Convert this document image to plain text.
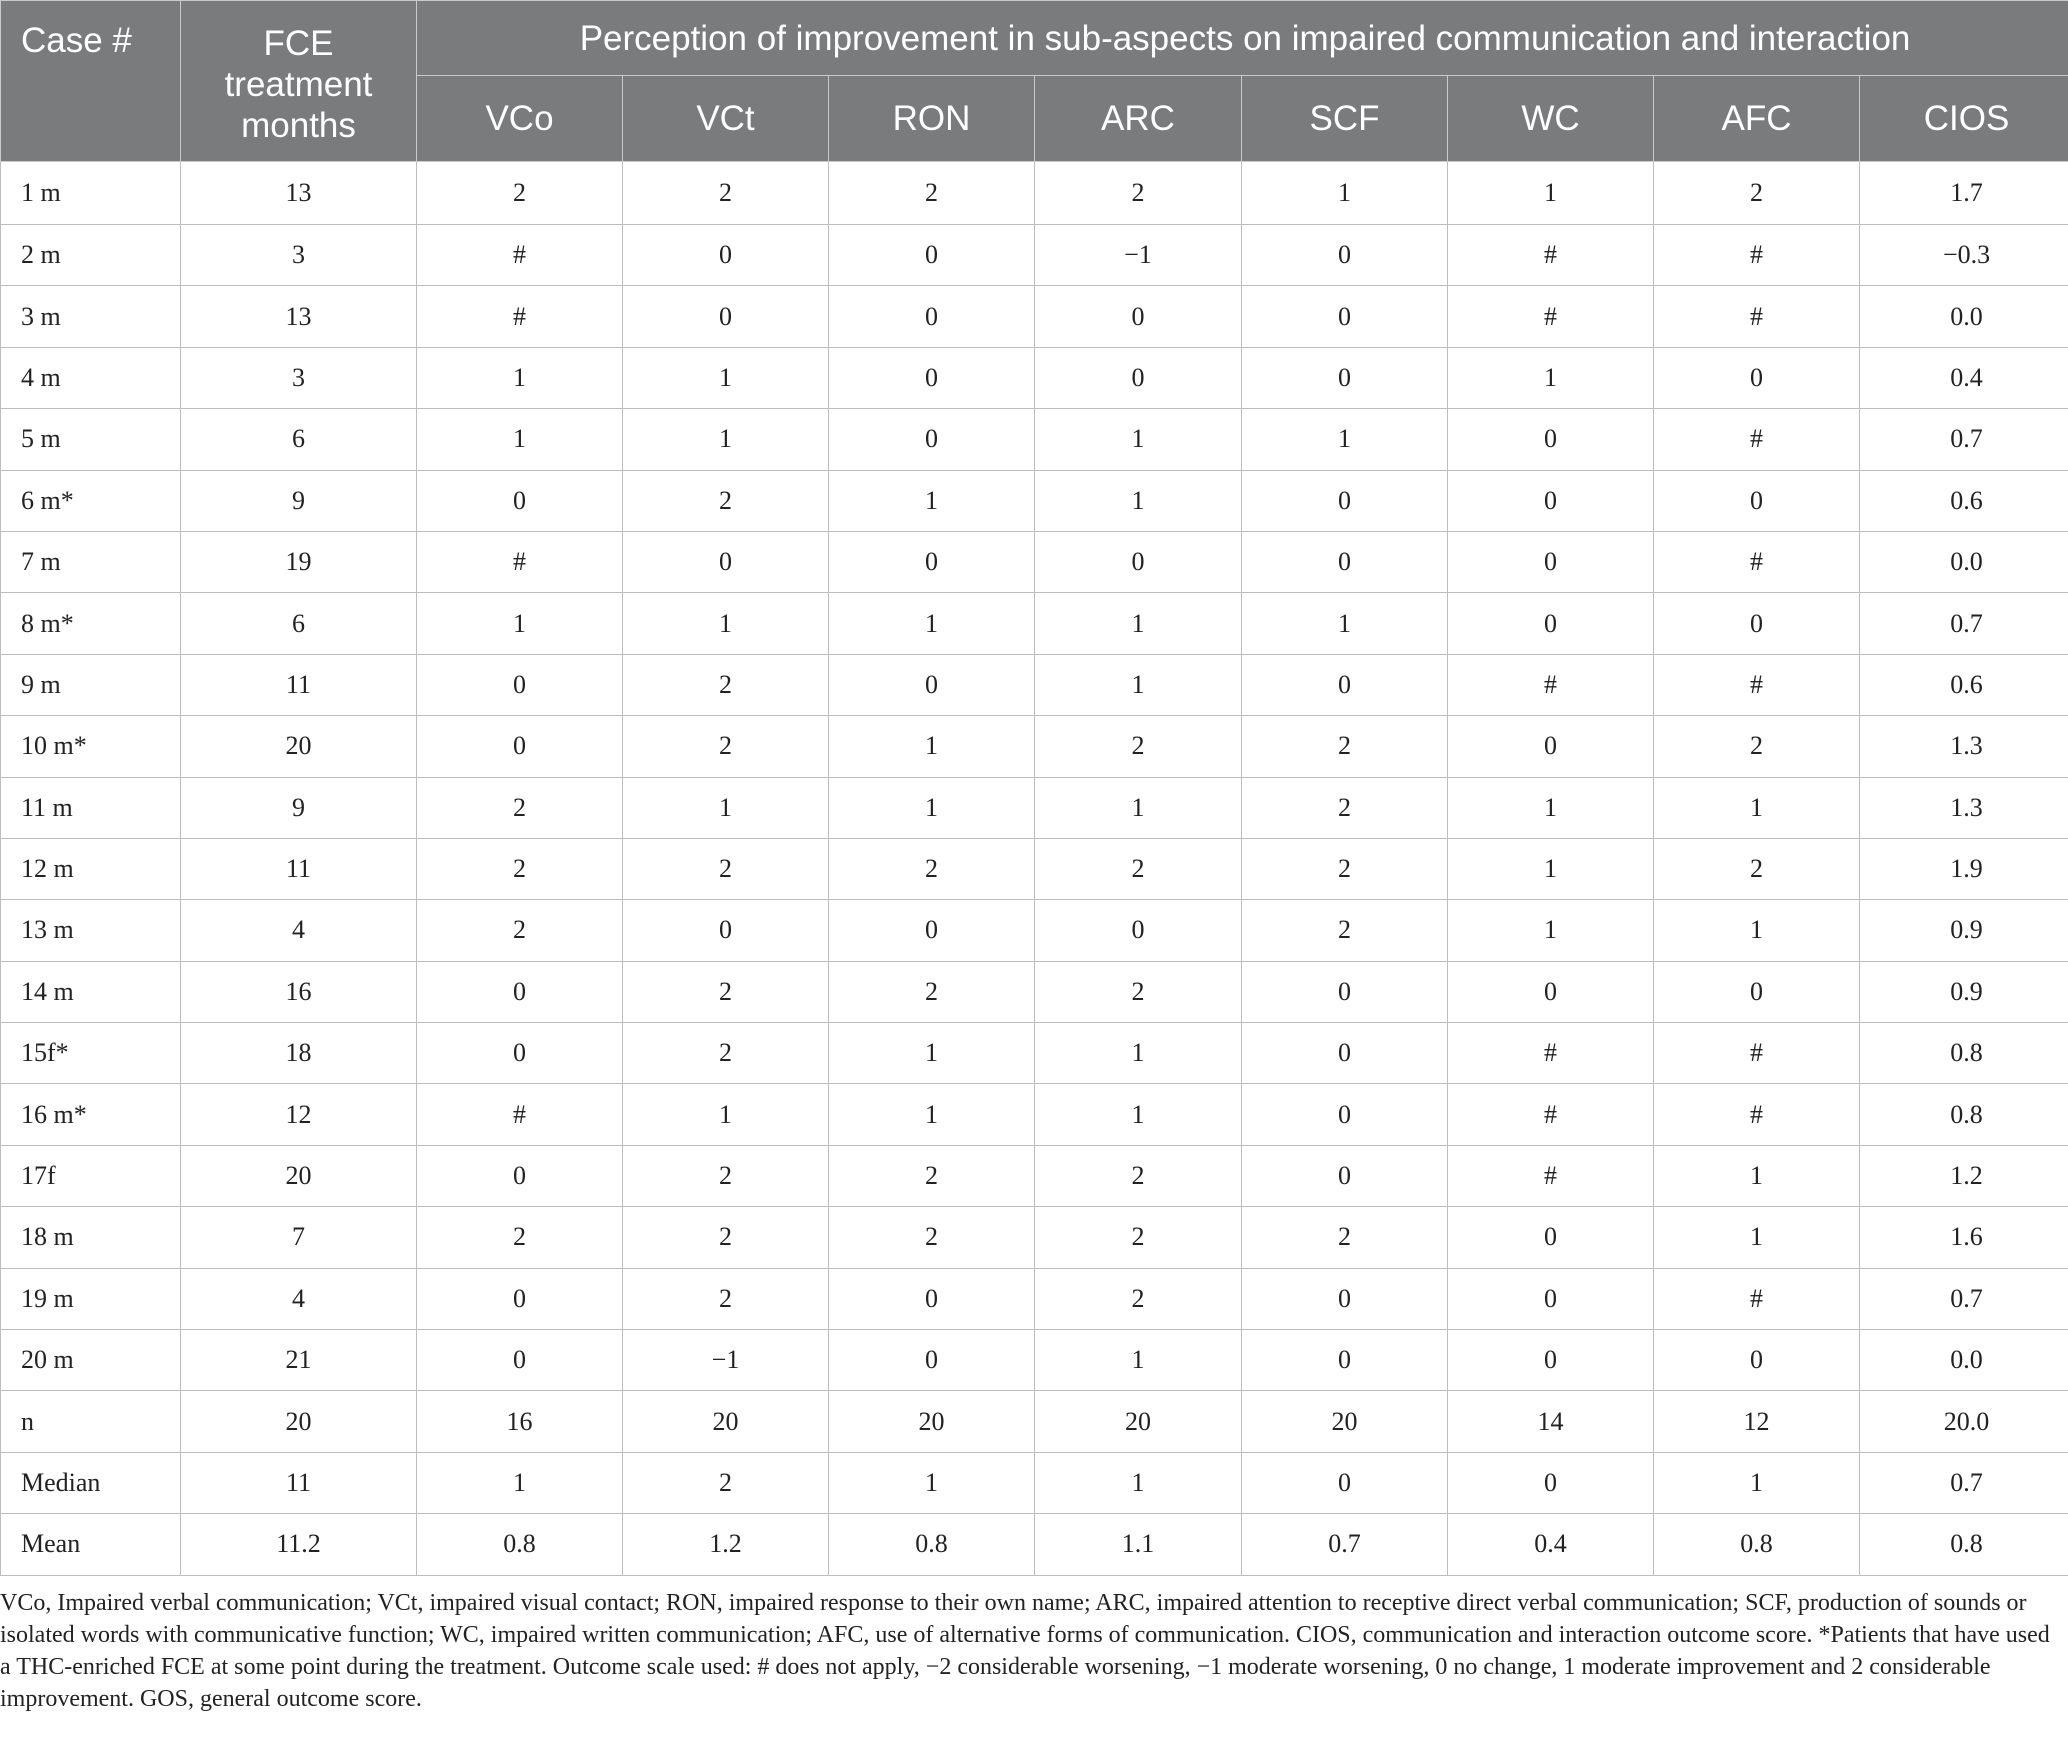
Case #	FCE
treatment
months	Perception of improvement in sub-aspects on impaired communication and interaction							
		VCo	VCt	RON	ARC	SCF	WC	AFC	CIOS
1 m	13	2	2	2	2	1	1	2	1.7
2 m	3	#	0	0	−1	0	#	#	−0.3
3 m	13	#	0	0	0	0	#	#	0.0
4 m	3	1	1	0	0	0	1	0	0.4
5 m	6	1	1	0	1	1	0	#	0.7
6 m*	9	0	2	1	1	0	0	0	0.6
7 m	19	#	0	0	0	0	0	#	0.0
8 m*	6	1	1	1	1	1	0	0	0.7
9 m	11	0	2	0	1	0	#	#	0.6
10 m*	20	0	2	1	2	2	0	2	1.3
11 m	9	2	1	1	1	2	1	1	1.3
12 m	11	2	2	2	2	2	1	2	1.9
13 m	4	2	0	0	0	2	1	1	0.9
14 m	16	0	2	2	2	0	0	0	0.9
15f*	18	0	2	1	1	0	#	#	0.8
16 m*	12	#	1	1	1	0	#	#	0.8
17f	20	0	2	2	2	0	#	1	1.2
18 m	7	2	2	2	2	2	0	1	1.6
19 m	4	0	2	0	2	0	0	#	0.7
20 m	21	0	−1	0	1	0	0	0	0.0
n	20	16	20	20	20	20	14	12	20.0
Median	11	1	2	1	1	0	0	1	0.7
Mean	11.2	0.8	1.2	0.8	1.1	0.7	0.4	0.8	0.8

VCo, Impaired verbal communication; VCt, impaired visual contact; RON, impaired response to their own name; ARC, impaired attention to receptive direct verbal communication; SCF, production of sounds or isolated words with communicative function; WC, impaired written communication; AFC, use of alternative forms of communication. CIOS, communication and interaction outcome score. *Patients that have used a THC-enriched FCE at some point during the treatment. Outcome scale used: # does not apply, −2 considerable worsening, −1 moderate worsening, 0 no change, 1 moderate improvement and 2 considerable improvement. GOS, general outcome score.
